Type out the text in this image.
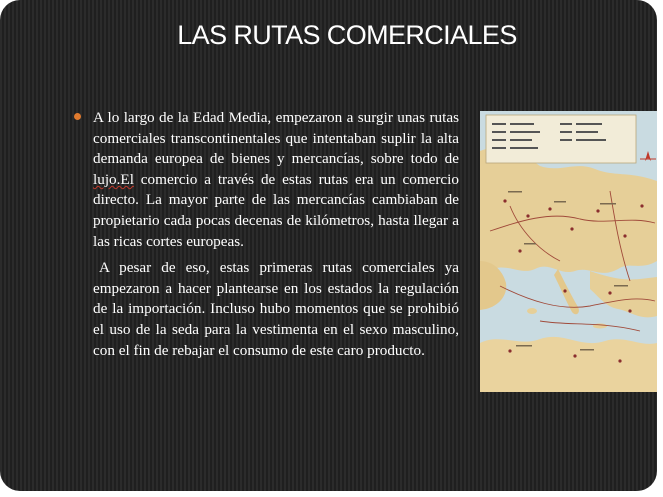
LAS RUTAS COMERCIALES

A lo largo de la Edad Media, empezaron a surgir unas rutas comerciales transcontinentales que intentaban suplir la alta demanda europea de bienes y mercancías, sobre todo de lujo.El comercio a través de estas rutas era un comercio directo. La mayor parte de las mercancías cambiaban de propietario cada pocas decenas de kilómetros, hasta llegar a las ricas cortes europeas.

A pesar de eso, estas primeras rutas comerciales ya empezaron a hacer plantearse en los estados la regulación de la importación. Incluso hubo momentos que se prohibió el uso de la seda para la vestimenta en el sexo masculino, con el fin de rebajar el consumo de este caro producto.
